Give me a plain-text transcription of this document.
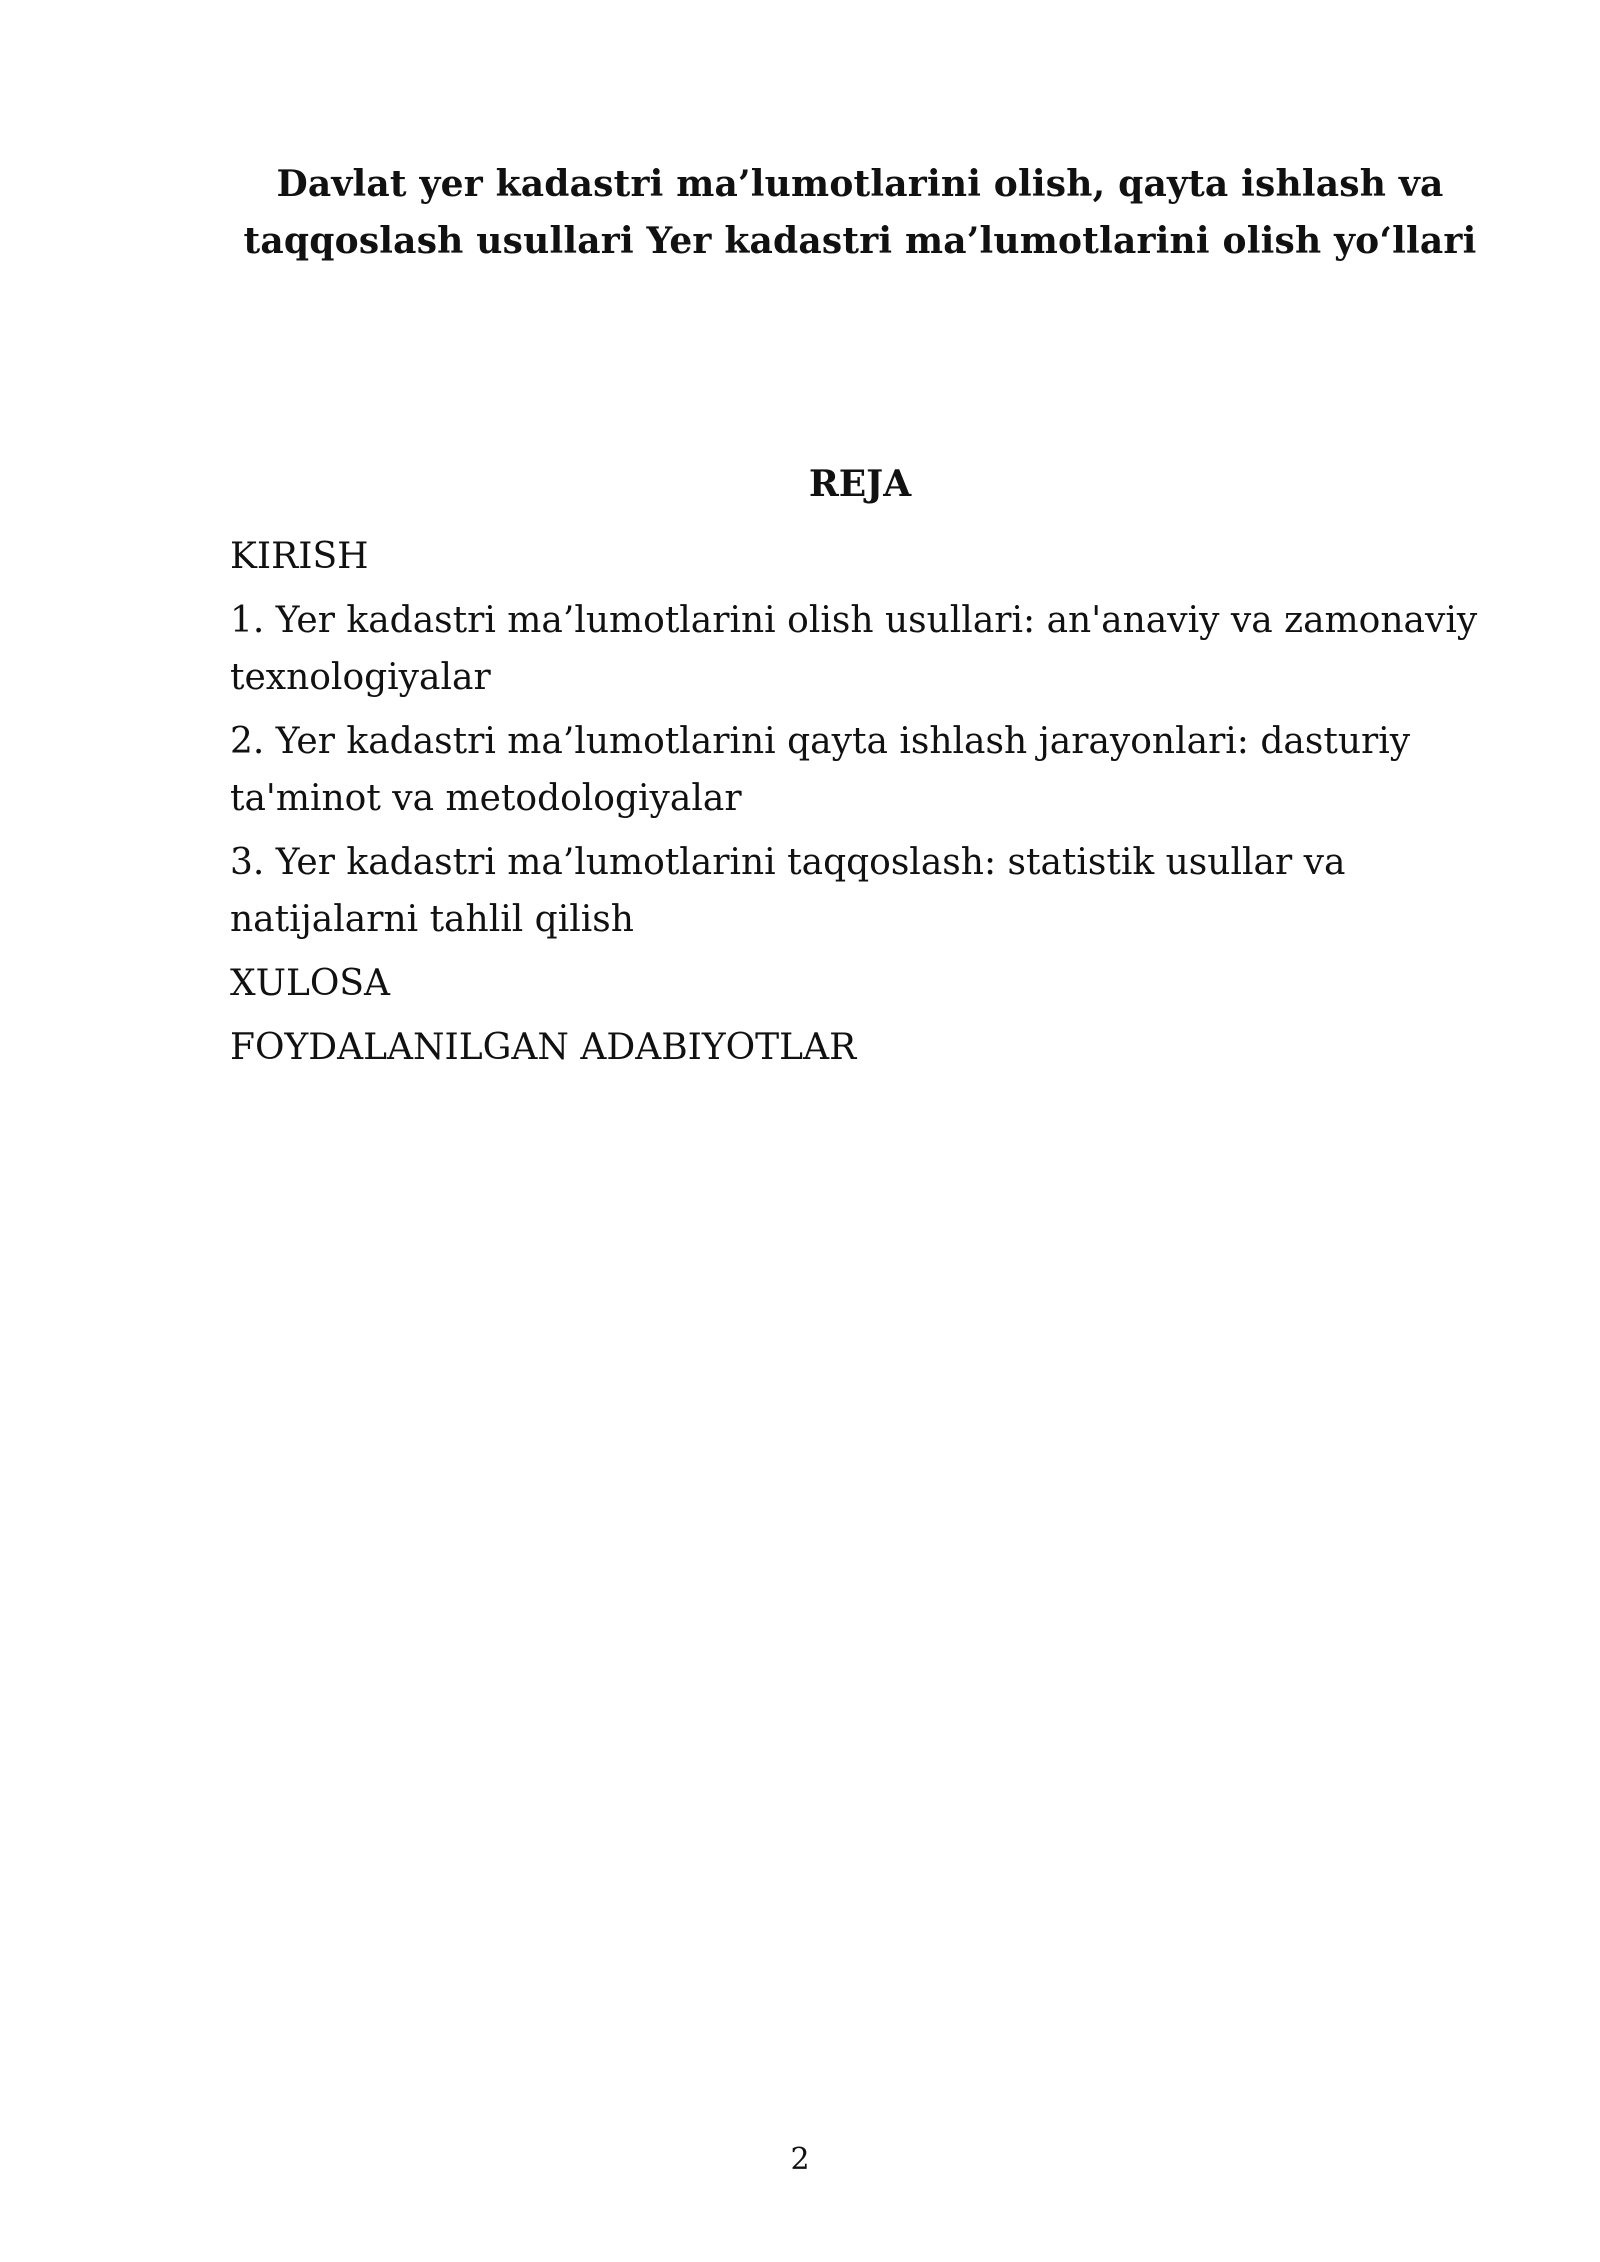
Davlat yer kadastri ma’lumotlarini olish, qayta ishlash va taqqoslash usullari Yer kadastri ma’lumotlarini olish yo‘llari
REJA
KIRISH
1. Yer kadastri ma’lumotlarini olish usullari: an'anaviy va zamonaviy texnologiyalar
2. Yer kadastri ma’lumotlarini qayta ishlash jarayonlari: dasturiy ta'minot va metodologiyalar
3. Yer kadastri ma’lumotlarini taqqoslash: statistik usullar va natijalarni tahlil qilish
XULOSA
FOYDALANILGAN ADABIYOTLAR
2
